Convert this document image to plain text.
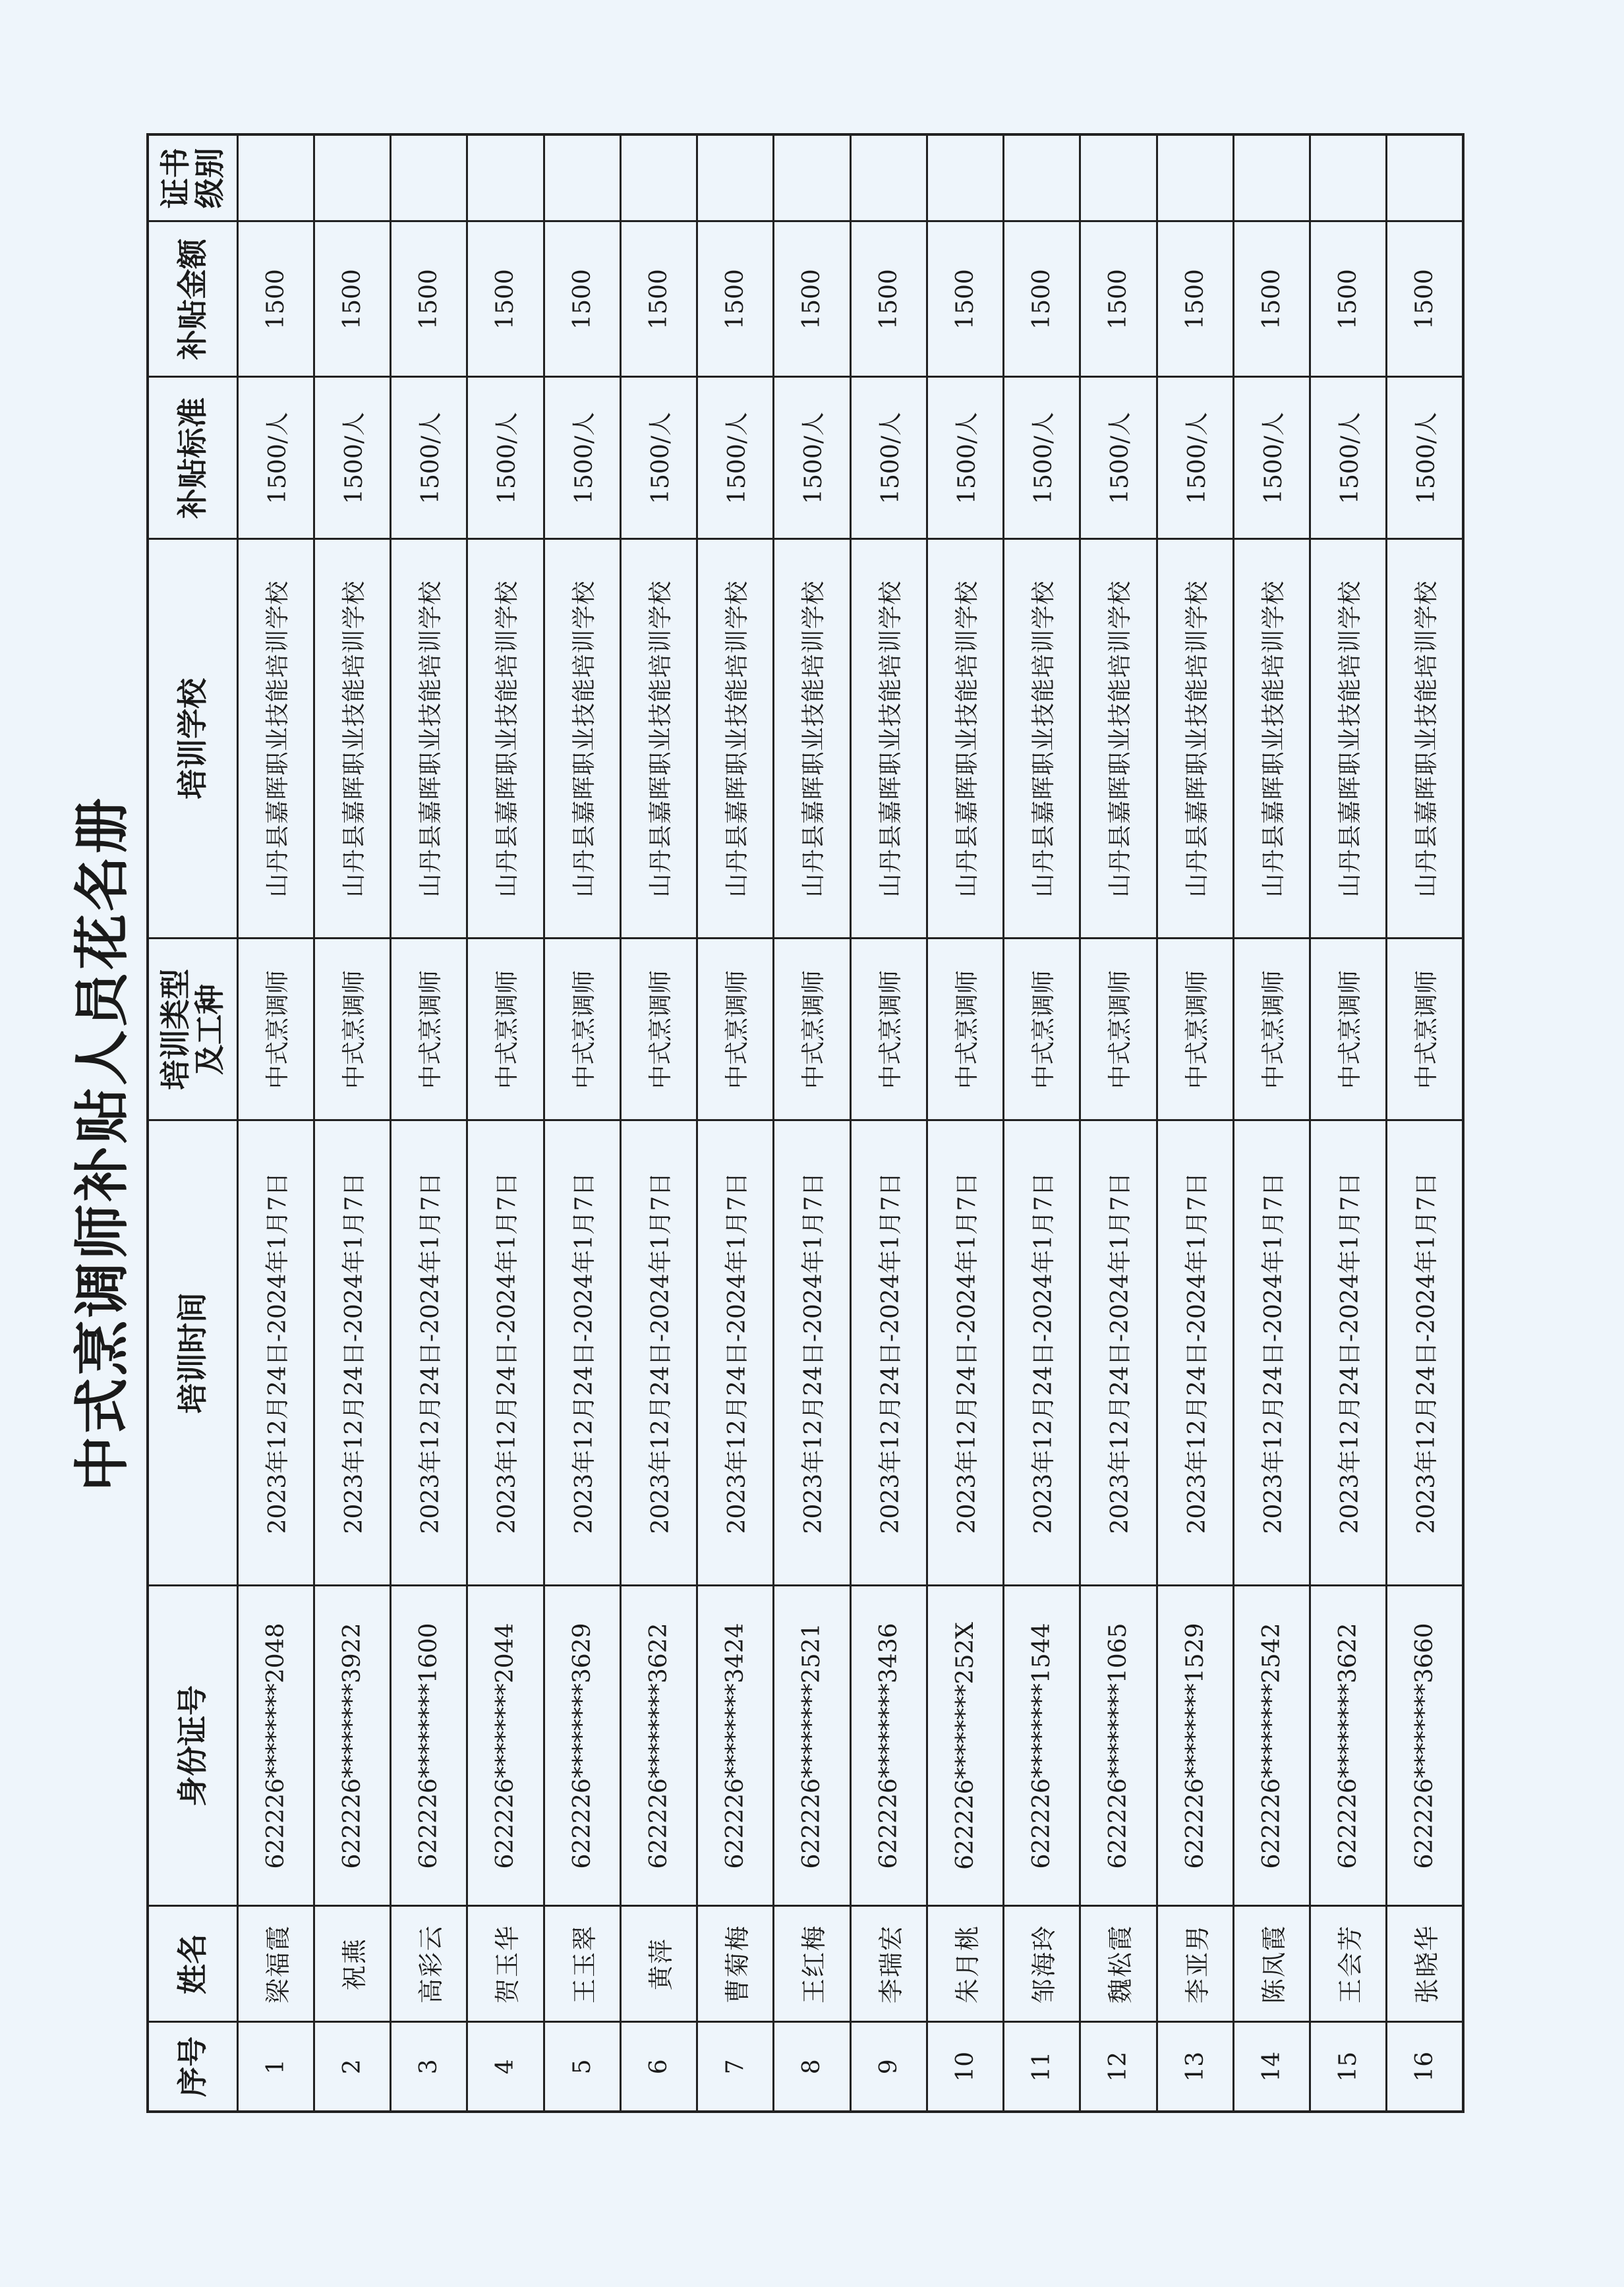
中式烹调师补贴人员花名册
序号	姓名	身份证号	培训时间	培训类型及工种	培训学校	补贴标准	补贴金额	证书级别
1	梁福霞	622226********2048	2023年12月24日-2024年1月7日	中式烹调师	山丹县嘉晖职业技能培训学校	1500/人	1500	
2	祝燕	622226********3922	2023年12月24日-2024年1月7日	中式烹调师	山丹县嘉晖职业技能培训学校	1500/人	1500	
3	高彩云	622226********1600	2023年12月24日-2024年1月7日	中式烹调师	山丹县嘉晖职业技能培训学校	1500/人	1500	
4	贺玉华	622226********2044	2023年12月24日-2024年1月7日	中式烹调师	山丹县嘉晖职业技能培训学校	1500/人	1500	
5	王玉翠	622226********3629	2023年12月24日-2024年1月7日	中式烹调师	山丹县嘉晖职业技能培训学校	1500/人	1500	
6	黄萍	622226********3622	2023年12月24日-2024年1月7日	中式烹调师	山丹县嘉晖职业技能培训学校	1500/人	1500	
7	曹菊梅	622226********3424	2023年12月24日-2024年1月7日	中式烹调师	山丹县嘉晖职业技能培训学校	1500/人	1500	
8	王红梅	622226********2521	2023年12月24日-2024年1月7日	中式烹调师	山丹县嘉晖职业技能培训学校	1500/人	1500	
9	李瑞宏	622226********3436	2023年12月24日-2024年1月7日	中式烹调师	山丹县嘉晖职业技能培训学校	1500/人	1500	
10	朱月桃	622226********252X	2023年12月24日-2024年1月7日	中式烹调师	山丹县嘉晖职业技能培训学校	1500/人	1500	
11	邹海玲	622226********1544	2023年12月24日-2024年1月7日	中式烹调师	山丹县嘉晖职业技能培训学校	1500/人	1500	
12	魏松霞	622226********1065	2023年12月24日-2024年1月7日	中式烹调师	山丹县嘉晖职业技能培训学校	1500/人	1500	
13	李亚男	622226********1529	2023年12月24日-2024年1月7日	中式烹调师	山丹县嘉晖职业技能培训学校	1500/人	1500	
14	陈凤霞	622226********2542	2023年12月24日-2024年1月7日	中式烹调师	山丹县嘉晖职业技能培训学校	1500/人	1500	
15	王会芳	622226********3622	2023年12月24日-2024年1月7日	中式烹调师	山丹县嘉晖职业技能培训学校	1500/人	1500	
16	张晓华	622226********3660	2023年12月24日-2024年1月7日	中式烹调师	山丹县嘉晖职业技能培训学校	1500/人	1500	
